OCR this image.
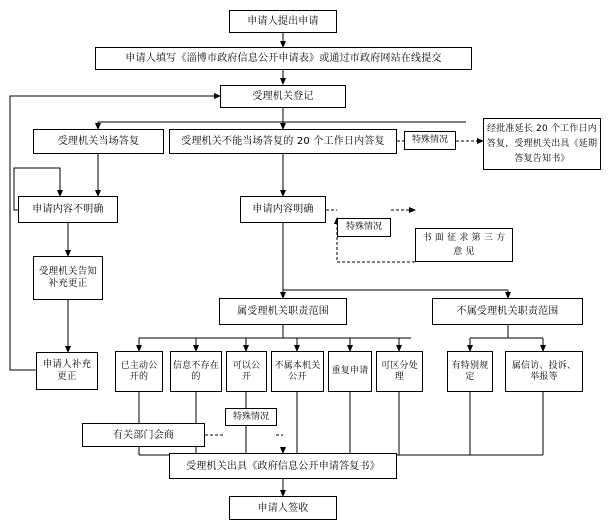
申请人提出申请
申请人填写《淄博市政府信息公开申请表》或通过市政府网站在线提交
受理机关登记
受理机关当场答复	受理机关不能当场答复的 20 个工作日内答复
经批准延长 20 个工作日内答复，受理机关出具《延期答复告知书》
申请内容不明确	申请内容明确
书 面 征 求 第 三 方 意 见
受理机关告知补充更正
申请人补充更正
属受理机关职责范围	不属受理机关职责范围
已主动公开的
信息不存在的
可以公开
不属本机关公开
重复申请
可区分处理
有特别规定
属信访、投诉、举报等
有关部门会商
受理机关出具《政府信息公开申请答复书》
申请人签收
特殊情况
特殊情况
特殊情况
